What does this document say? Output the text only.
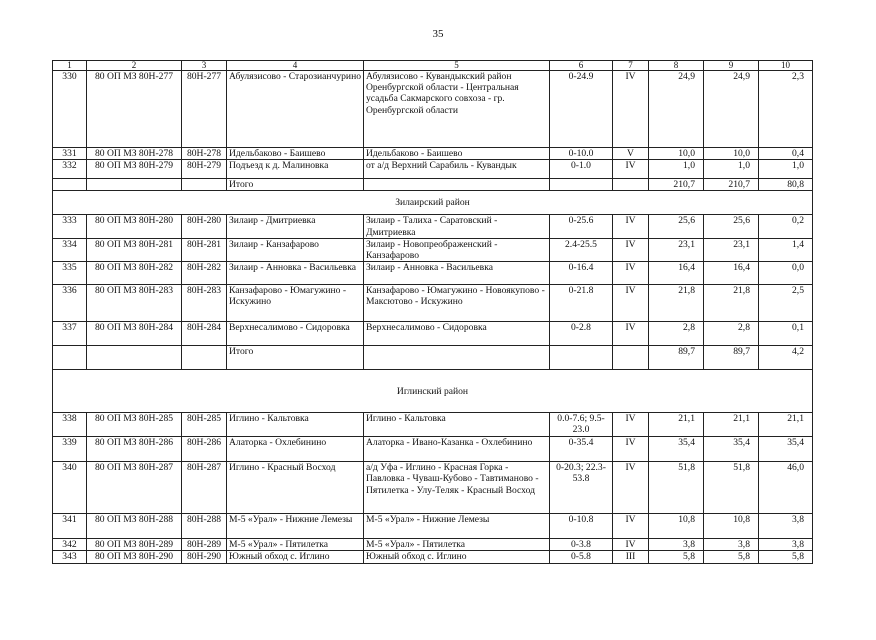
35
1	2	3	4	5	6	7	8	9	10
330	80 ОП МЗ 80Н-277	80Н-277	Абулязисово - Старозианчурино	Абулязисово - Кувандыкский район Оренбургской области - Центральная усадьба Сакмарского совхоза - гр. Оренбургской области	0-24.9	IV	24,9	24,9	2,3
331	80 ОП МЗ 80Н-278	80Н-278	Идельбаково - Баишево	Идельбаково - Баишево	0-10.0	V	10,0	10,0	0,4
332	80 ОП МЗ 80Н-279	80Н-279	Подъезд к д. Малиновка	от а/д Верхний Сарабиль - Кувандык	0-1.0	IV	1,0	1,0	1,0
			Итого				210,7	210,7	80,8
Зилаирский район									
333	80 ОП МЗ 80Н-280	80Н-280	Зилаир - Дмитриевка	Зилаир - Талиха - Саратовский - Дмитриевка	0-25.6	IV	25,6	25,6	0,2
334	80 ОП МЗ 80Н-281	80Н-281	Зилаир - Канзафарово	Зилаир - Новопреображенский - Канзафарово	2.4-25.5	IV	23,1	23,1	1,4
335	80 ОП МЗ 80Н-282	80Н-282	Зилаир - Анновка - Васильевка	Зилаир - Анновка - Васильевка	0-16.4	IV	16,4	16,4	0,0
336	80 ОП МЗ 80Н-283	80Н-283	Канзафарово - Юмагужино - Искужино	Канзафарово - Юмагужино - Новоякупово - Максютово - Искужино	0-21.8	IV	21,8	21,8	2,5
337	80 ОП МЗ 80Н-284	80Н-284	Верхнесалимово - Сидоровка	Верхнесалимово - Сидоровка	0-2.8	IV	2,8	2,8	0,1
			Итого				89,7	89,7	4,2
Иглинский район									
338	80 ОП МЗ 80Н-285	80Н-285	Иглино - Кальтовка	Иглино - Кальтовка	0.0-7.6; 9.5-23.0	IV	21,1	21,1	21,1
339	80 ОП МЗ 80Н-286	80Н-286	Алаторка - Охлебинино	Алаторка - Ивано-Казанка - Охлебинино	0-35.4	IV	35,4	35,4	35,4
340	80 ОП МЗ 80Н-287	80Н-287	Иглино - Красный Восход	а/д Уфа - Иглино - Красная Горка - Павловка - Чуваш-Кубово - Тавтиманово - Пятилетка - Улу-Теляк - Красный Восход	0-20.3; 22.3-53.8	IV	51,8	51,8	46,0
341	80 ОП МЗ 80Н-288	80Н-288	М-5 «Урал» - Нижние Лемезы	М-5 «Урал» - Нижние Лемезы	0-10.8	IV	10,8	10,8	3,8
342	80 ОП МЗ 80Н-289	80Н-289	М-5 «Урал» - Пятилетка	М-5 «Урал» - Пятилетка	0-3.8	IV	3,8	3,8	3,8
343	80 ОП МЗ 80Н-290	80Н-290	Южный обход с. Иглино	Южный обход с. Иглино	0-5.8	III	5,8	5,8	5,8
